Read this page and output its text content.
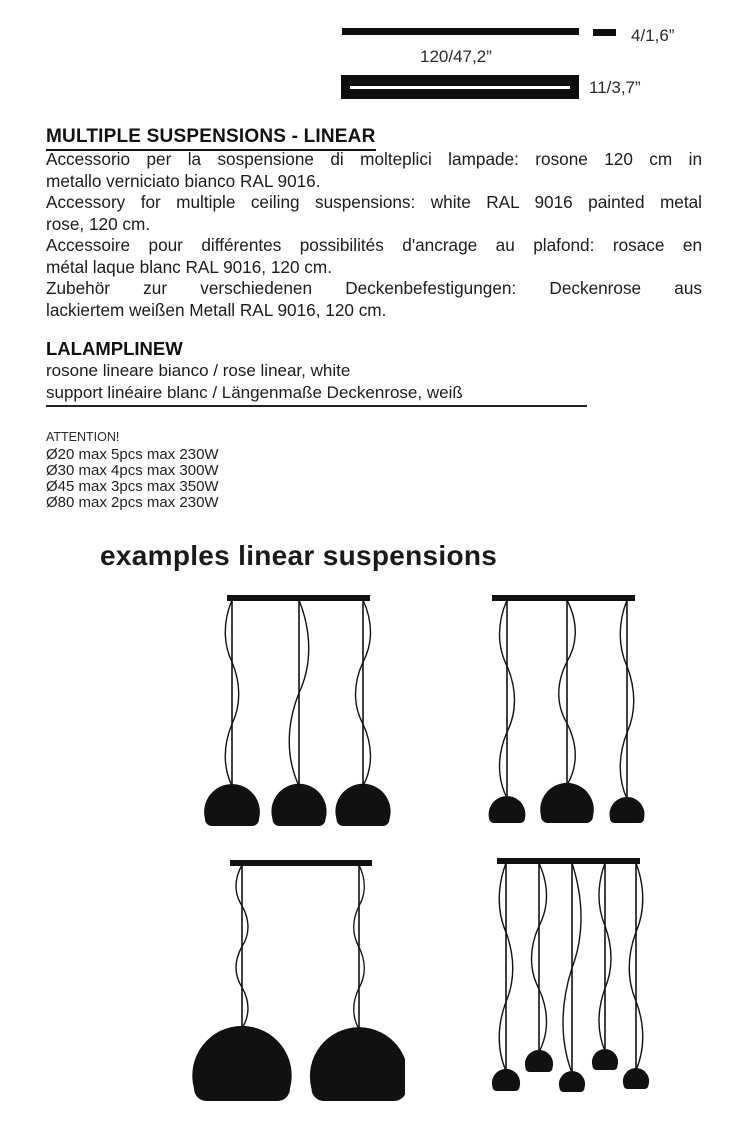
4/1,6”
120/47,2”
11/3,7”
MULTIPLE SUSPENSIONS - LINEAR
Accessorio per la sospensione di molteplici lampade: rosone 120 cm in
metallo verniciato bianco RAL 9016.
Accessory for multiple ceiling suspensions: white RAL 9016 painted metal
rose, 120 cm.
Accessoire pour différentes possibilités d'ancrage au plafond: rosace en
métal laque blanc RAL 9016, 120 cm.
Zubehör zur verschiedenen Deckenbefestigungen: Deckenrose aus
lackiertem weißen Metall RAL 9016, 120 cm.
LALAMPLINEW
rosone lineare bianco / rose linear, white
support linéaire blanc / Längenmaße Deckenrose, weiß
ATTENTION!
Ø20 max 5pcs max 230W
Ø30 max 4pcs max 300W
Ø45 max 3pcs max 350W
Ø80 max 2pcs max 230W
examples linear suspensions
